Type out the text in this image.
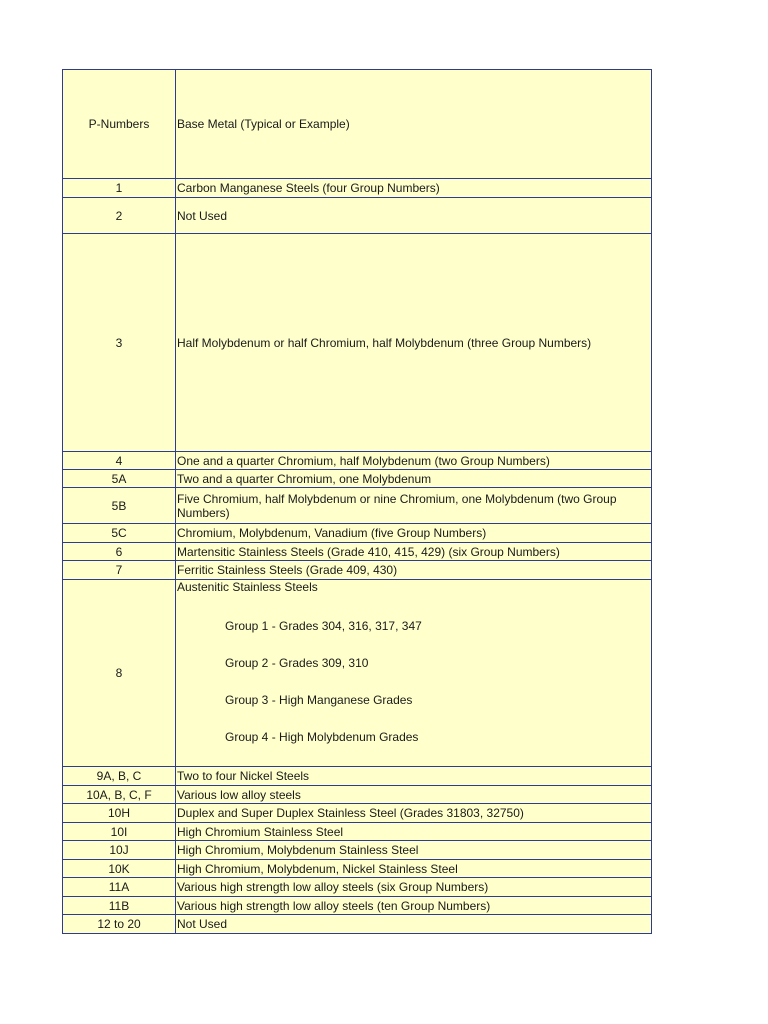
P-Numbers	Base Metal (Typical or Example)
1	Carbon Manganese Steels (four Group Numbers)
2	Not Used
3	Half Molybdenum or half Chromium, half Molybdenum (three Group Numbers)
4	One and a quarter Chromium, half Molybdenum (two Group Numbers)
5A	Two and a quarter Chromium, one Molybdenum
5B	Five Chromium, half Molybdenum or nine Chromium, one Molybdenum (two Group Numbers)
5C	Chromium, Molybdenum, Vanadium (five Group Numbers)
6	Martensitic Stainless Steels (Grade 410, 415, 429) (six Group Numbers)
7	Ferritic Stainless Steels (Grade 409, 430)
8	Austenitic Stainless Steels
Group 1 - Grades 304, 316, 317, 347
Group 2 - Grades 309, 310
Group 3 - High Manganese Grades
Group 4 - High Molybdenum Grades

9A, B, C	Two to four Nickel Steels
10A, B, C, F	Various low alloy steels
10H	Duplex and Super Duplex Stainless Steel (Grades 31803, 32750)
10I	High Chromium Stainless Steel
10J	High Chromium, Molybdenum Stainless Steel
10K	High Chromium, Molybdenum, Nickel Stainless Steel
11A	Various high strength low alloy steels (six Group Numbers)
11B	Various high strength low alloy steels (ten Group Numbers)
12 to 20	Not Used
